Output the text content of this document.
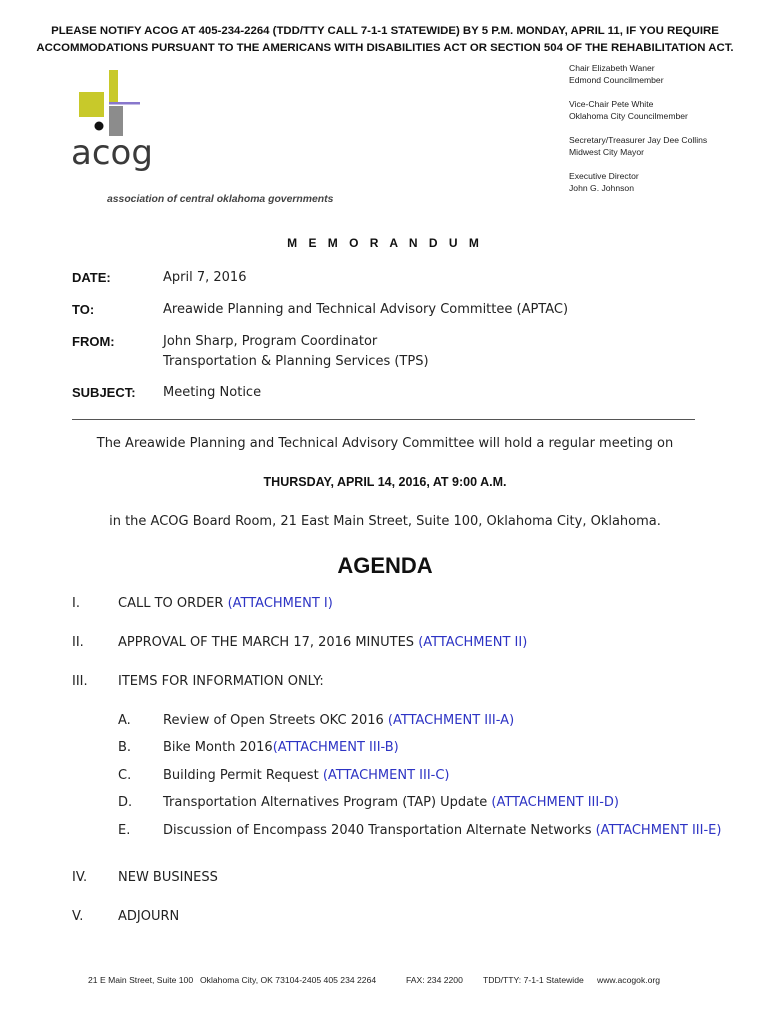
PLEASE NOTIFY ACOG AT 405-234-2264 (TDD/TTY CALL 7-1-1 STATEWIDE) BY 5 P.M. MONDAY, APRIL 11, IF YOU REQUIRE
ACCOMMODATIONS PURSUANT TO THE AMERICANS WITH DISABILITIES ACT OR SECTION 504 OF THE REHABILITATION ACT.
acog
association of central oklahoma governments
Chair Elizabeth Waner
Edmond Councilmember
Vice-Chair Pete White
Oklahoma City Councilmember
Secretary/Treasurer Jay Dee Collins
Midwest City Mayor
Executive Director
John G. Johnson
M E M O R A N D U M
DATE:	April 7, 2016
TO:	Areawide Planning and Technical Advisory Committee (APTAC)
FROM:	John Sharp, Program Coordinator
Transportation & Planning Services (TPS)
SUBJECT: Meeting Notice
The Areawide Planning and Technical Advisory Committee will hold a regular meeting on
THURSDAY, APRIL 14, 2016, AT 9:00 A.M.
in the ACOG Board Room, 21 East Main Street, Suite 100, Oklahoma City, Oklahoma.
AGENDA
I.	CALL TO ORDER (ATTACHMENT I)
II.	APPROVAL OF THE MARCH 17, 2016 MINUTES (ATTACHMENT II)
III. ITEMS FOR INFORMATION ONLY:
A. Review of Open Streets OKC 2016 (ATTACHMENT III-A)
B. Bike Month 2016(ATTACHMENT III-B)
C. Building Permit Request (ATTACHMENT III-C)
D. Transportation Alternatives Program (TAP) Update (ATTACHMENT III-D)
E.	Discussion of Encompass 2040 Transportation Alternate Networks (ATTACHMENT III-E)
IV. NEW BUSINESS
V.	ADJOURN
21 E Main Street, Suite 100 Oklahoma City, OK 73104-2405 405 234 2264	FAX: 234 2200 TDD/TTY: 7-1-1 Statewide www.acogok.org
